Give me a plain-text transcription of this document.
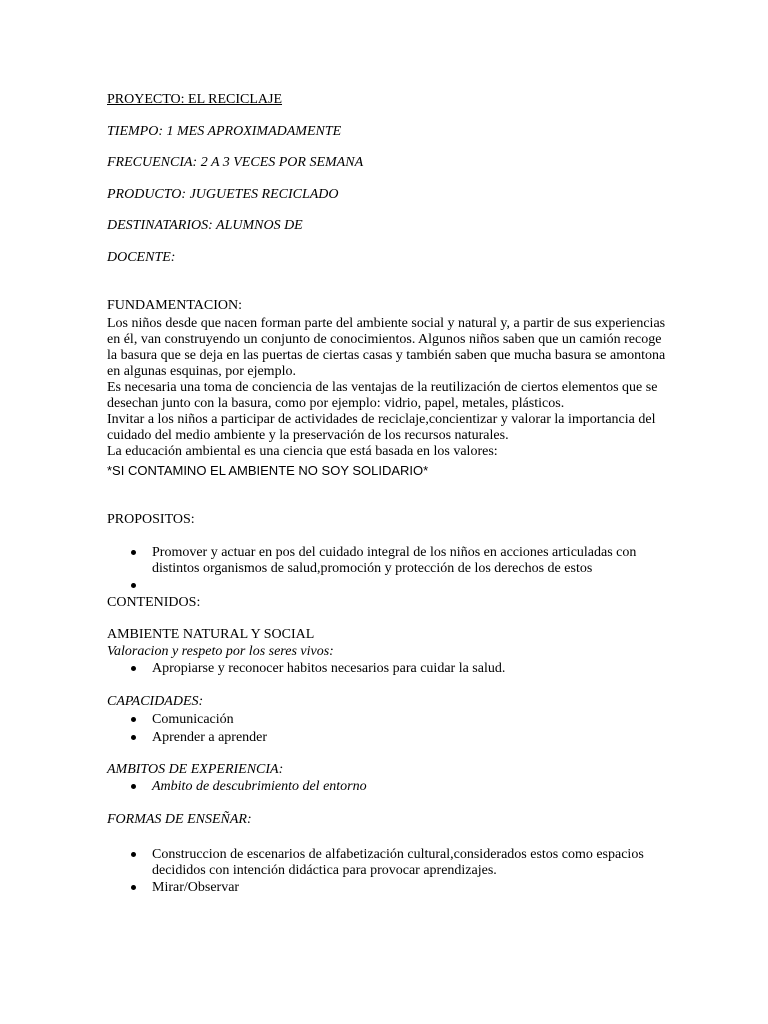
PROYECTO: EL RECICLAJE
TIEMPO: 1 MES APROXIMADAMENTE
FRECUENCIA: 2 A 3 VECES POR SEMANA
PRODUCTO: JUGUETES RECICLADO
DESTINATARIOS: ALUMNOS DE
DOCENTE:
FUNDAMENTACION:
Los niños desde que nacen forman parte del ambiente social y natural y, a partir de sus experiencias
en él, van construyendo un conjunto de conocimientos. Algunos niños saben que un camión recoge
la basura que se deja en las puertas de ciertas casas y también saben que mucha basura se amontona
en algunas esquinas, por ejemplo.
Es necesaria una toma de conciencia de las ventajas de la reutilización de ciertos elementos que se
desechan junto con la basura, como por ejemplo: vidrio, papel, metales, plásticos.
Invitar a los niños a participar de actividades de reciclaje,concientizar y valorar la importancia del
cuidado del medio ambiente y la preservación de los recursos naturales.
La educación ambiental es una ciencia que está basada en los valores:
*SI CONTAMINO EL AMBIENTE NO SOY SOLIDARIO*
PROPOSITOS:
Promover y actuar en pos del cuidado integral de los niños en acciones articuladas con
distintos organismos de salud,promoción y protección de los derechos de estos
CONTENIDOS:
AMBIENTE NATURAL Y SOCIAL
Valoracion y respeto por los seres vivos:
Apropiarse y reconocer habitos necesarios para cuidar la salud.
CAPACIDADES:
Comunicación
Aprender a aprender
AMBITOS DE EXPERIENCIA:
Ambito de descubrimiento del entorno
FORMAS DE ENSEÑAR:
Construccion de escenarios de alfabetización cultural,considerados estos como espacios
decididos con intención didáctica para provocar aprendizajes.
Mirar/Observar
